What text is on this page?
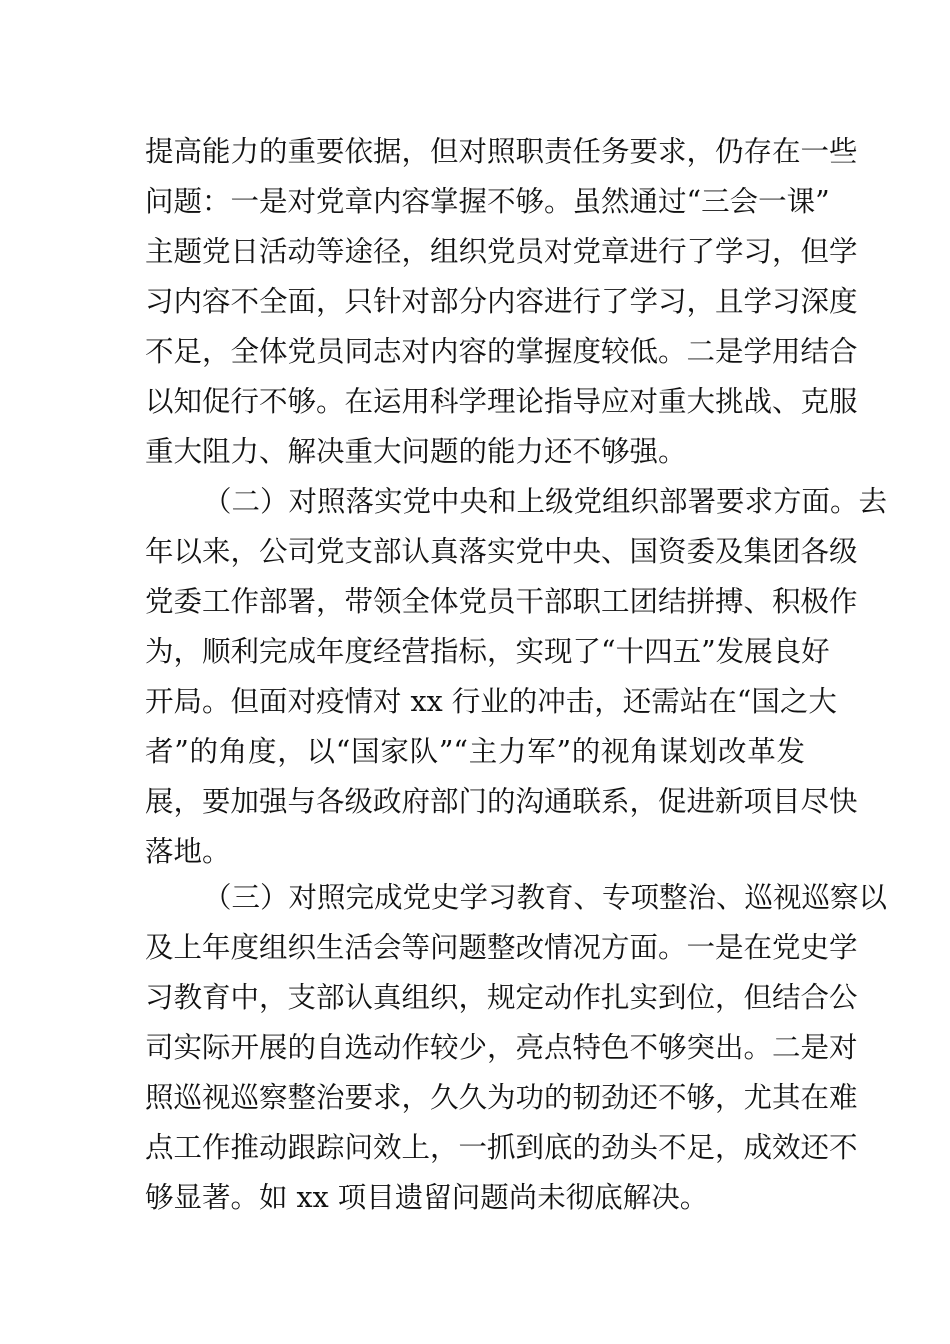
提高能力的重要依据，但对照职责任务要求，仍存在一些
问题：一是对党章内容掌握不够。虽然通过“三会一课”
主题党日活动等途径，组织党员对党章进行了学习，但学
习内容不全面，只针对部分内容进行了学习，且学习深度
不足，全体党员同志对内容的掌握度较低。二是学用结合
以知促行不够。在运用科学理论指导应对重大挑战、克服
重大阻力、解决重大问题的能力还不够强。
（二）对照落实党中央和上级党组织部署要求方面。去
年以来，公司党支部认真落实党中央、国资委及集团各级
党委工作部署，带领全体党员干部职工团结拼搏、积极作
为，顺利完成年度经营指标，实现了“十四五”发展良好
开局。但面对疫情对 xx 行业的冲击，还需站在“国之大
者”的角度，以“国家队”“主力军”的视角谋划改革发
展，要加强与各级政府部门的沟通联系，促进新项目尽快
落地。
（三）对照完成党史学习教育、专项整治、巡视巡察以
及上年度组织生活会等问题整改情况方面。一是在党史学
习教育中，支部认真组织，规定动作扎实到位，但结合公
司实际开展的自选动作较少，亮点特色不够突出。二是对
照巡视巡察整治要求，久久为功的韧劲还不够，尤其在难
点工作推动跟踪问效上，一抓到底的劲头不足，成效还不
够显著。如 xx 项目遗留问题尚未彻底解决。
